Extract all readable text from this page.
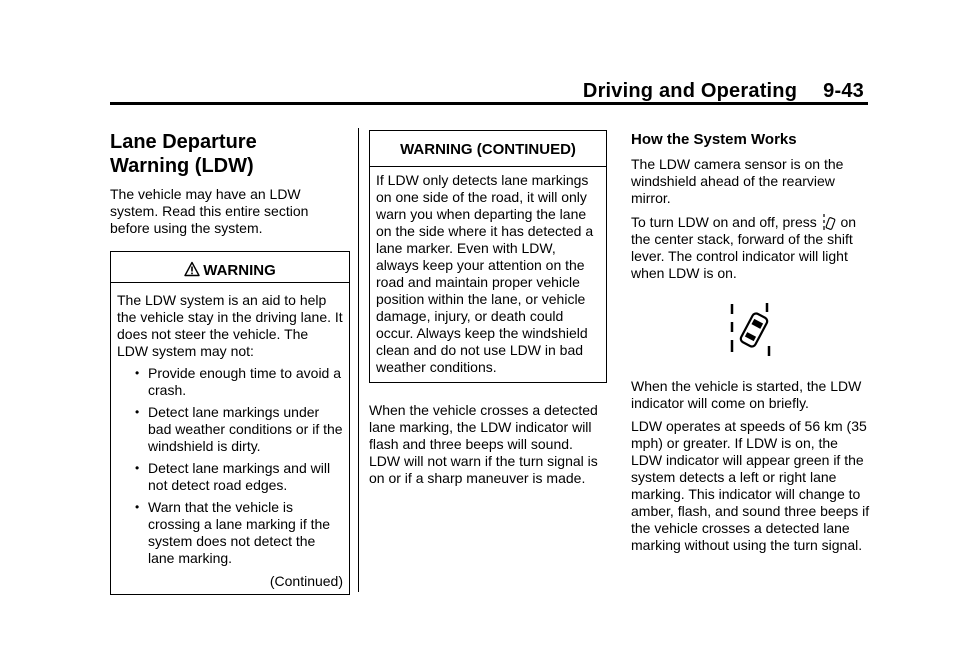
Driving and Operating 9-43
Lane Departure
Warning (LDW)

The vehicle may have an LDW system. Read this entire section before using the system.

WARNING
The LDW system is an aid to help the vehicle stay in the driving lane. It does not steer the vehicle. The LDW system may not:
• Provide enough time to avoid a crash.
• Detect lane markings under bad weather conditions or if the windshield is dirty.
• Detect lane markings and will not detect road edges.
• Warn that the vehicle is crossing a lane marking if the system does not detect the lane marking.
(Continued)
WARNING (CONTINUED)
If LDW only detects lane markings on one side of the road, it will only warn you when departing the lane on the side where it has detected a lane marker. Even with LDW, always keep your attention on the road and maintain proper vehicle position within the lane, or vehicle damage, injury, or death could occur. Always keep the windshield clean and do not use LDW in bad weather conditions.

When the vehicle crosses a detected lane marking, the LDW indicator will flash and three beeps will sound. LDW will not warn if the turn signal is on or if a sharp maneuver is made.

How the System Works

The LDW camera sensor is on the windshield ahead of the rearview mirror.

To turn LDW on and off, press  on the center stack, forward of the shift lever. The control indicator will light when LDW is on.

When the vehicle is started, the LDW indicator will come on briefly.

LDW operates at speeds of 56 km (35 mph) or greater. If LDW is on, the LDW indicator will appear green if the system detects a left or right lane marking. This indicator will change to amber, flash, and sound three beeps if the vehicle crosses a detected lane marking without using the turn signal.
